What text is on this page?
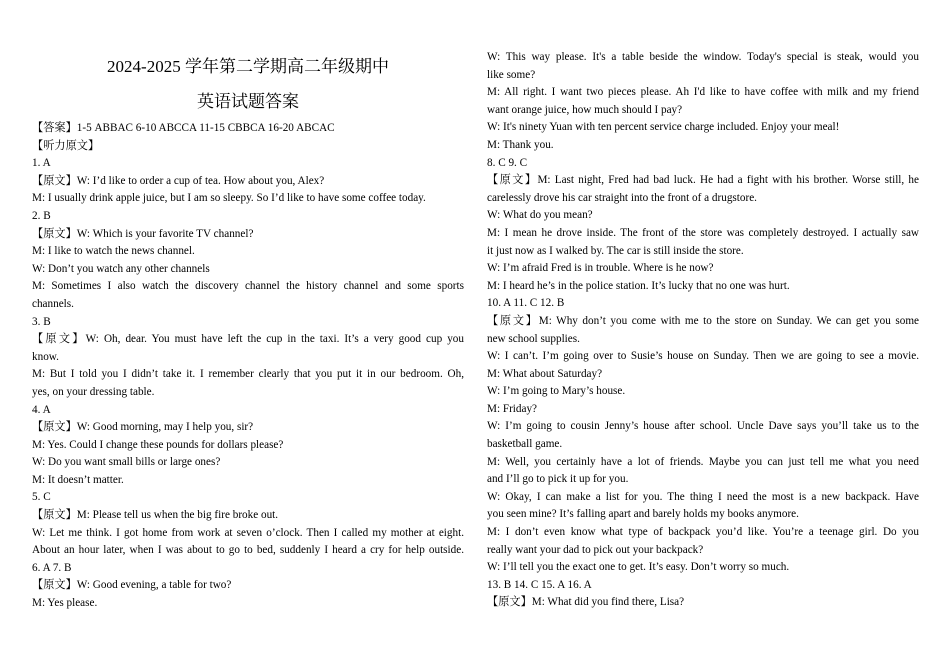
2024-2025 学年第二学期高二年级期中
英语试题答案
【答案】1-5 ABBAC 6-10 ABCCA 11-15 CBBCA 16-20 ABCAC
【听力原文】
1. A
【原文】W: I’d like to order a cup of tea. How about you, Alex?
M: I usually drink apple juice, but I am so sleepy. So I’d like to have some coffee today.
2. B
【原文】W: Which is your favorite TV channel?
M: I like to watch the news channel.
W: Don’t you watch any other channels
M: Sometimes I also watch the discovery channel the history channel and some sports
channels.
3. B
【原文】W: Oh, dear. You must have left the cup in the taxi. It’s a very good cup you
know.
M: But I told you I didn’t take it. I remember clearly that you put it in our bedroom. Oh,
yes, on your dressing table.
4. A
【原文】W: Good morning, may I help you, sir?
M: Yes. Could I change these pounds for dollars please?
W: Do you want small bills or large ones?
M: It doesn’t matter.
5. C
【原文】M: Please tell us when the big fire broke out.
W: Let me think. I got home from work at seven o’clock. Then I called my mother at eight.
About an hour later, when I was about to go to bed, suddenly I heard a cry for help outside.
6. A 7. B
【原文】W: Good evening, a table for two?
M: Yes please.
W: This way please. It's a table beside the window. Today's special is steak, would you
like some?
M: All right. I want two pieces please. Ah I'd like to have coffee with milk and my friend
want orange juice, how much should I pay?
W: It's ninety Yuan with ten percent service charge included. Enjoy your meal!
M: Thank you.
8. C 9. C
【原文】M: Last night, Fred had bad luck. He had a fight with his brother. Worse still, he
carelessly drove his car straight into the front of a drugstore.
W: What do you mean?
M: I mean he drove inside. The front of the store was completely destroyed. I actually saw
it just now as I walked by. The car is still inside the store.
W: I’m afraid Fred is in trouble. Where is he now?
M: I heard he’s in the police station. It’s lucky that no one was hurt.
10. A 11. C 12. B
【原文】M: Why don’t you come with me to the store on Sunday. We can get you some
new school supplies.
W: I can’t. I’m going over to Susie’s house on Sunday. Then we are going to see a movie.
M: What about Saturday?
W: I’m going to Mary’s house.
M: Friday?
W: I’m going to cousin Jenny’s house after school. Uncle Dave says you’ll take us to the
basketball game.
M: Well, you certainly have a lot of friends. Maybe you can just tell me what you need
and I’ll go to pick it up for you.
W: Okay, I can make a list for you. The thing I need the most is a new backpack. Have
you seen mine? It’s falling apart and barely holds my books anymore.
M: I don’t even know what type of backpack you’d like. You’re a teenage girl. Do you
really want your dad to pick out your backpack?
W: I’ll tell you the exact one to get. It’s easy. Don’t worry so much.
13. B 14. C 15. A 16. A
【原文】M: What did you find there, Lisa?
